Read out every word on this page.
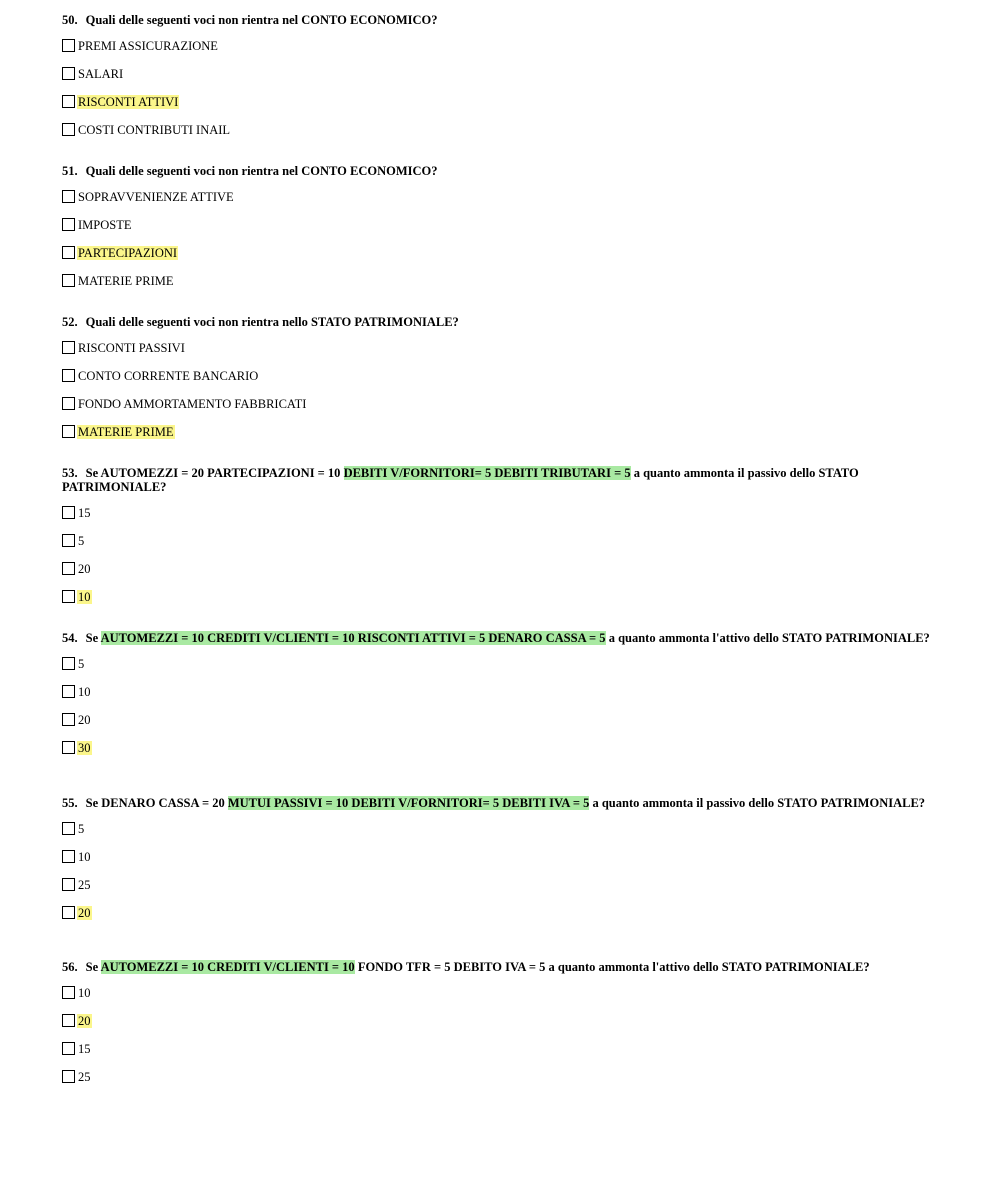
50. Quali delle seguenti voci non rientra nel CONTO ECONOMICO?

PREMI ASSICURAZIONE
SALARI
RISCONTI ATTIVI
COSTI CONTRIBUTI INAIL

51. Quali delle seguenti voci non rientra nel CONTO ECONOMICO?

SOPRAVVENIENZE ATTIVE
IMPOSTE
PARTECIPAZIONI
MATERIE PRIME

52. Quali delle seguenti voci non rientra nello STATO PATRIMONIALE?

RISCONTI PASSIVI
CONTO CORRENTE BANCARIO
FONDO AMMORTAMENTO FABBRICATI
MATERIE PRIME

53. Se AUTOMEZZI = 20 PARTECIPAZIONI = 10 DEBITI V/FORNITORI= 5 DEBITI TRIBUTARI = 5 a quanto ammonta il passivo dello STATO PATRIMONIALE?

15
5
20
10

54. Se AUTOMEZZI = 10 CREDITI V/CLIENTI = 10 RISCONTI ATTIVI = 5 DENARO CASSA = 5 a quanto ammonta l'attivo dello STATO PATRIMONIALE?

5
10
20
30

55. Se DENARO CASSA = 20 MUTUI PASSIVI = 10 DEBITI V/FORNITORI= 5 DEBITI IVA = 5 a quanto ammonta il passivo dello STATO PATRIMONIALE?

5
10
25
20

56. Se AUTOMEZZI = 10 CREDITI V/CLIENTI = 10 FONDO TFR = 5 DEBITO IVA = 5 a quanto ammonta l'attivo dello STATO PATRIMONIALE?

10
20
15
25
